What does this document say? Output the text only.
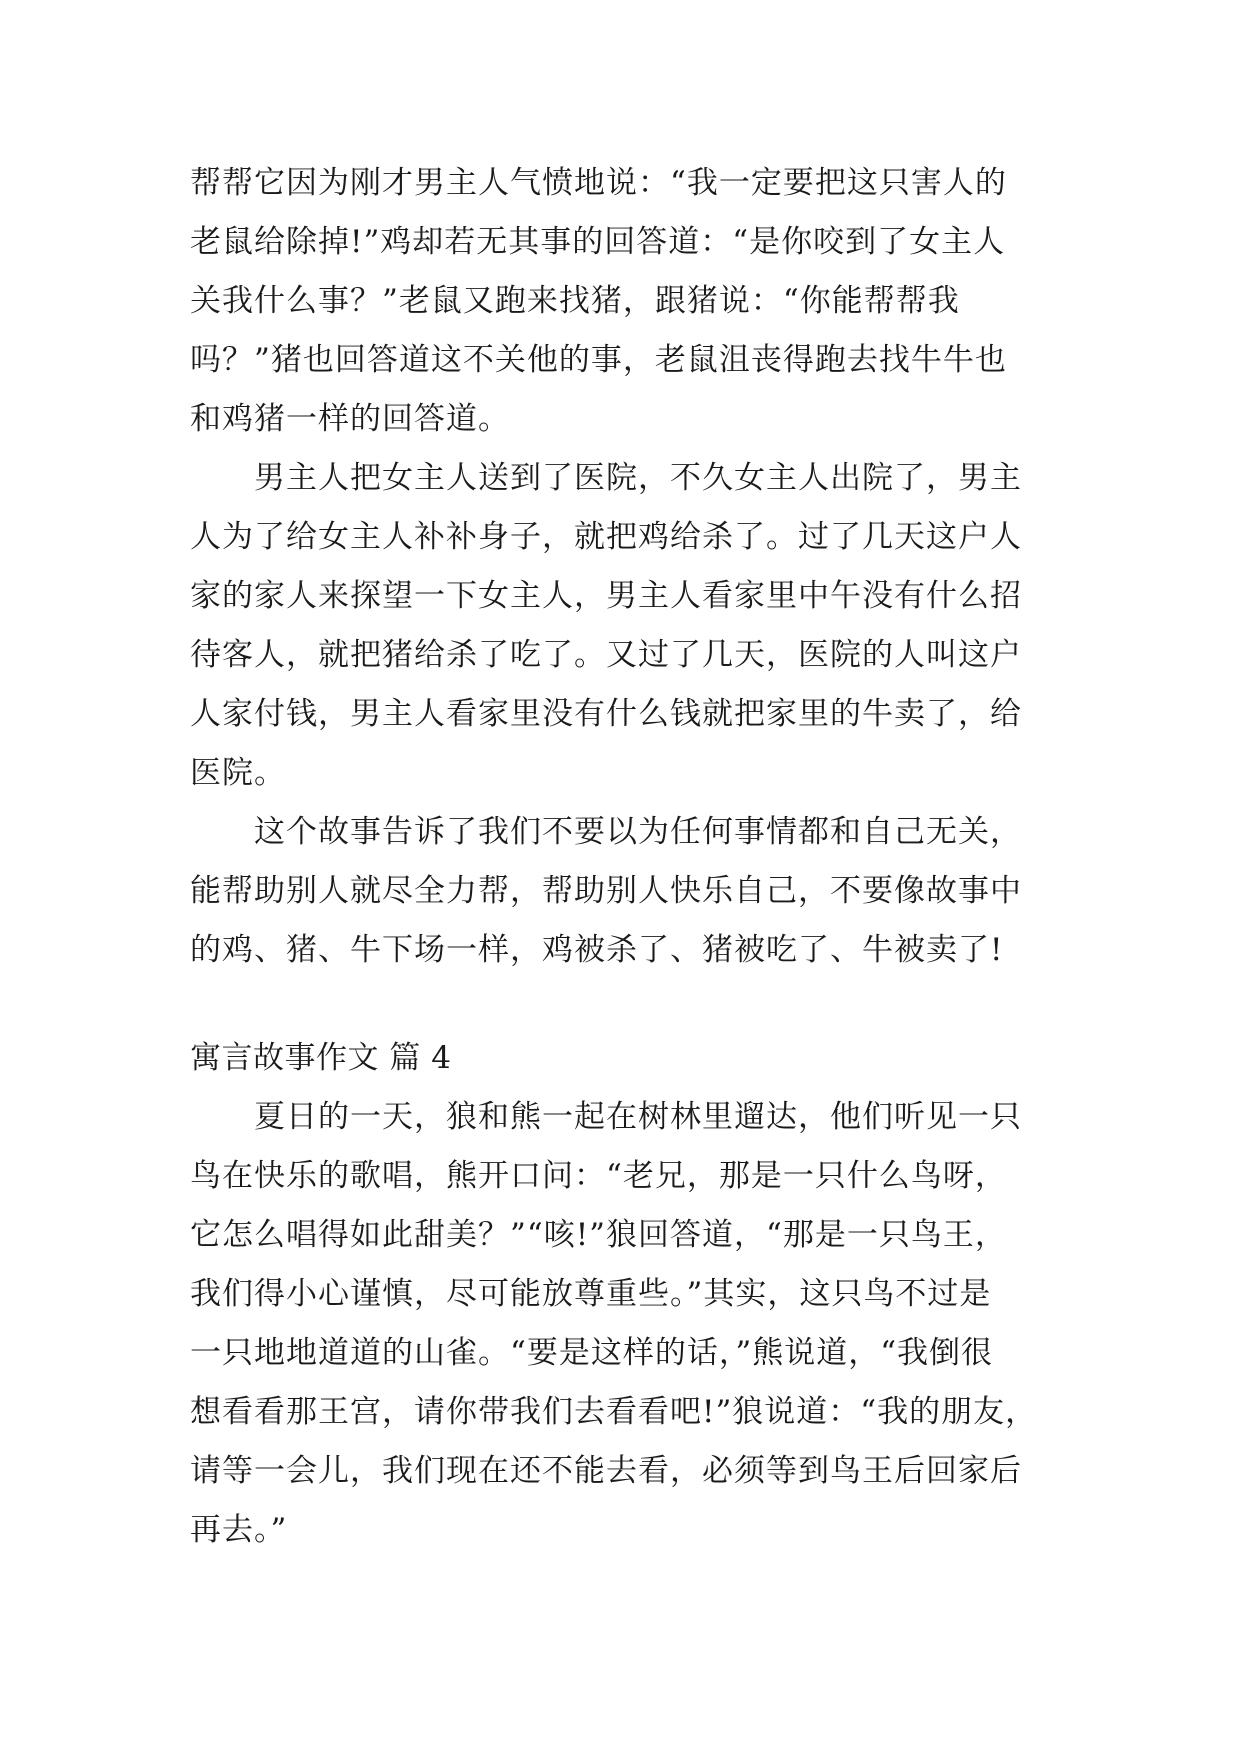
帮帮它因为刚才男主人气愤地说：“我一定要把这只害人的
老鼠给除掉!”鸡却若无其事的回答道：“是你咬到了女主人
关我什么事？”老鼠又跑来找猪，跟猪说：“你能帮帮我
吗？”猪也回答道这不关他的事，老鼠沮丧得跑去找牛牛也
和鸡猪一样的回答道。
男主人把女主人送到了医院，不久女主人出院了，男主
人为了给女主人补补身子，就把鸡给杀了。过了几天这户人
家的家人来探望一下女主人，男主人看家里中午没有什么招
待客人，就把猪给杀了吃了。又过了几天，医院的人叫这户
人家付钱，男主人看家里没有什么钱就把家里的牛卖了，给
医院。
这个故事告诉了我们不要以为任何事情都和自己无关，
能帮助别人就尽全力帮，帮助别人快乐自己，不要像故事中
的鸡、猪、牛下场一样，鸡被杀了、猪被吃了、牛被卖了!
寓言故事作文 篇 4
夏日的一天，狼和熊一起在树林里遛达，他们听见一只
鸟在快乐的歌唱，熊开口问：“老兄，那是一只什么鸟呀，
它怎么唱得如此甜美？”“咳!”狼回答道，“那是一只鸟王，
我们得小心谨慎，尽可能放尊重些。”其实，这只鸟不过是
一只地地道道的山雀。“要是这样的话，”熊说道，“我倒很
想看看那王宫，请你带我们去看看吧!”狼说道：“我的朋友，
请等一会儿，我们现在还不能去看，必须等到鸟王后回家后
再去。”
